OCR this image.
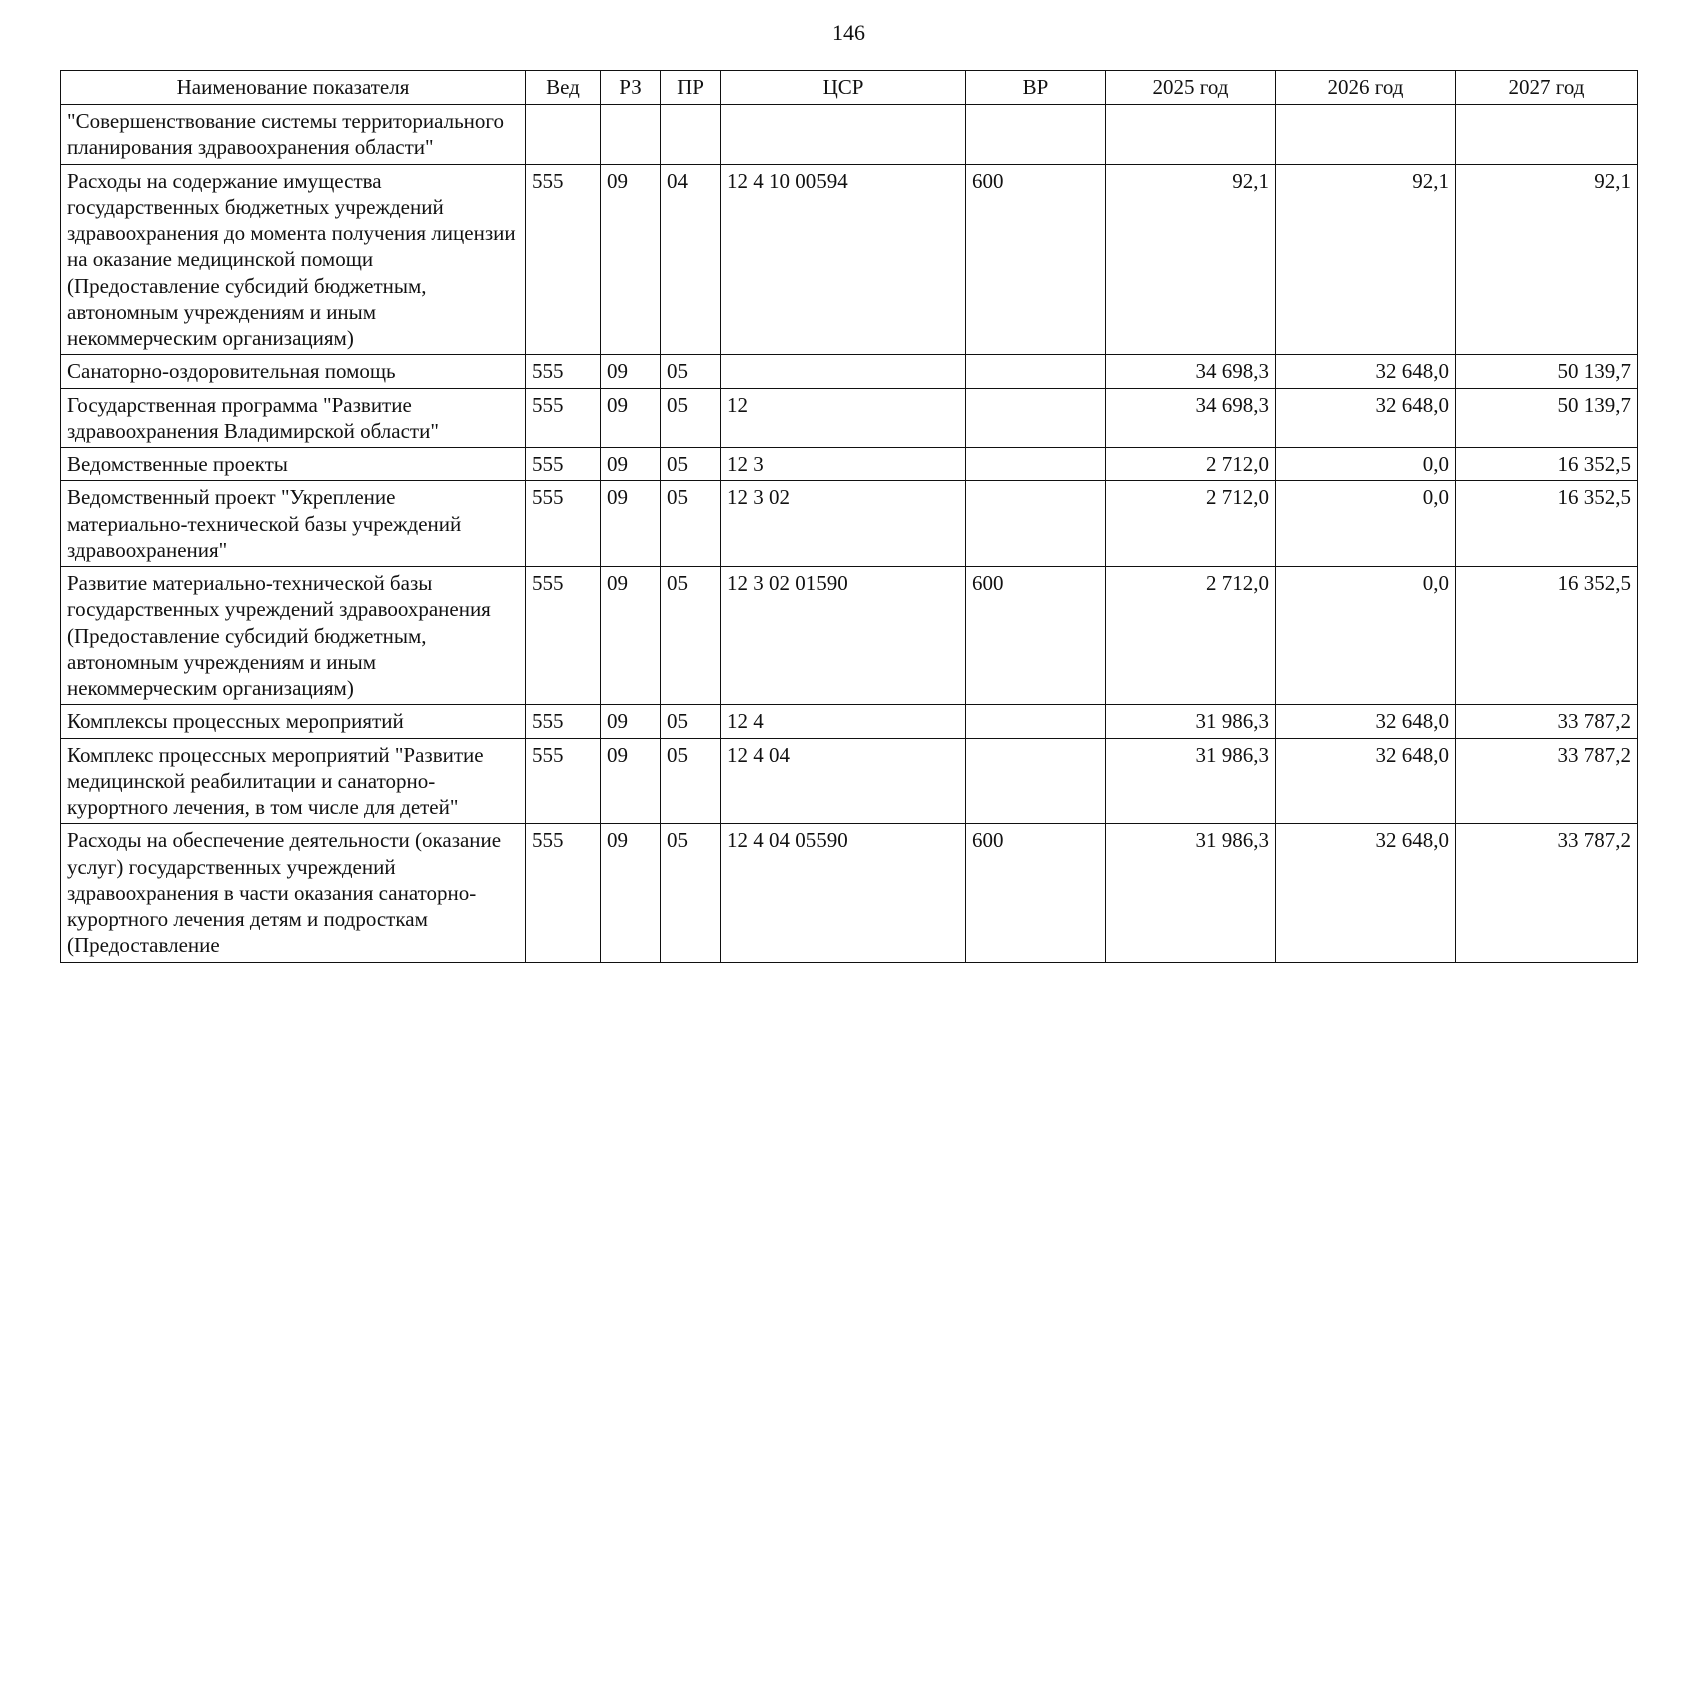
146
Наименование показателя	Вед	РЗ	ПР	ЦСР	ВР	2025 год	2026 год	2027 год
"Совершенствование системы территориального планирования здравоохранения области"								
Расходы на содержание имущества государственных бюджетных учреждений здравоохранения до момента получения лицензии на оказание медицинской помощи (Предоставление субсидий бюджетным, автономным учреждениям и иным некоммерческим организациям)	555	09	04	12 4 10 00594	600	92,1	92,1	92,1
Санаторно-оздоровительная помощь	555	09	05			34 698,3	32 648,0	50 139,7
Государственная программа "Развитие здравоохранения Владимирской области"	555	09	05	12		34 698,3	32 648,0	50 139,7
Ведомственные проекты	555	09	05	12 3		2 712,0	0,0	16 352,5
Ведомственный проект "Укрепление материально-технической базы учреждений здравоохранения"	555	09	05	12 3 02		2 712,0	0,0	16 352,5
Развитие материально-технической базы государственных учреждений здравоохранения (Предоставление субсидий бюджетным, автономным учреждениям и иным некоммерческим организациям)	555	09	05	12 3 02 01590	600	2 712,0	0,0	16 352,5
Комплексы процессных мероприятий	555	09	05	12 4		31 986,3	32 648,0	33 787,2
Комплекс процессных мероприятий "Развитие медицинской реабилитации и санаторно-курортного лечения, в том числе для детей"	555	09	05	12 4 04		31 986,3	32 648,0	33 787,2
Расходы на обеспечение деятельности (оказание услуг) государственных учреждений здравоохранения в части оказания санаторно-курортного лечения детям и подросткам (Предоставление	555	09	05	12 4 04 05590	600	31 986,3	32 648,0	33 787,2
